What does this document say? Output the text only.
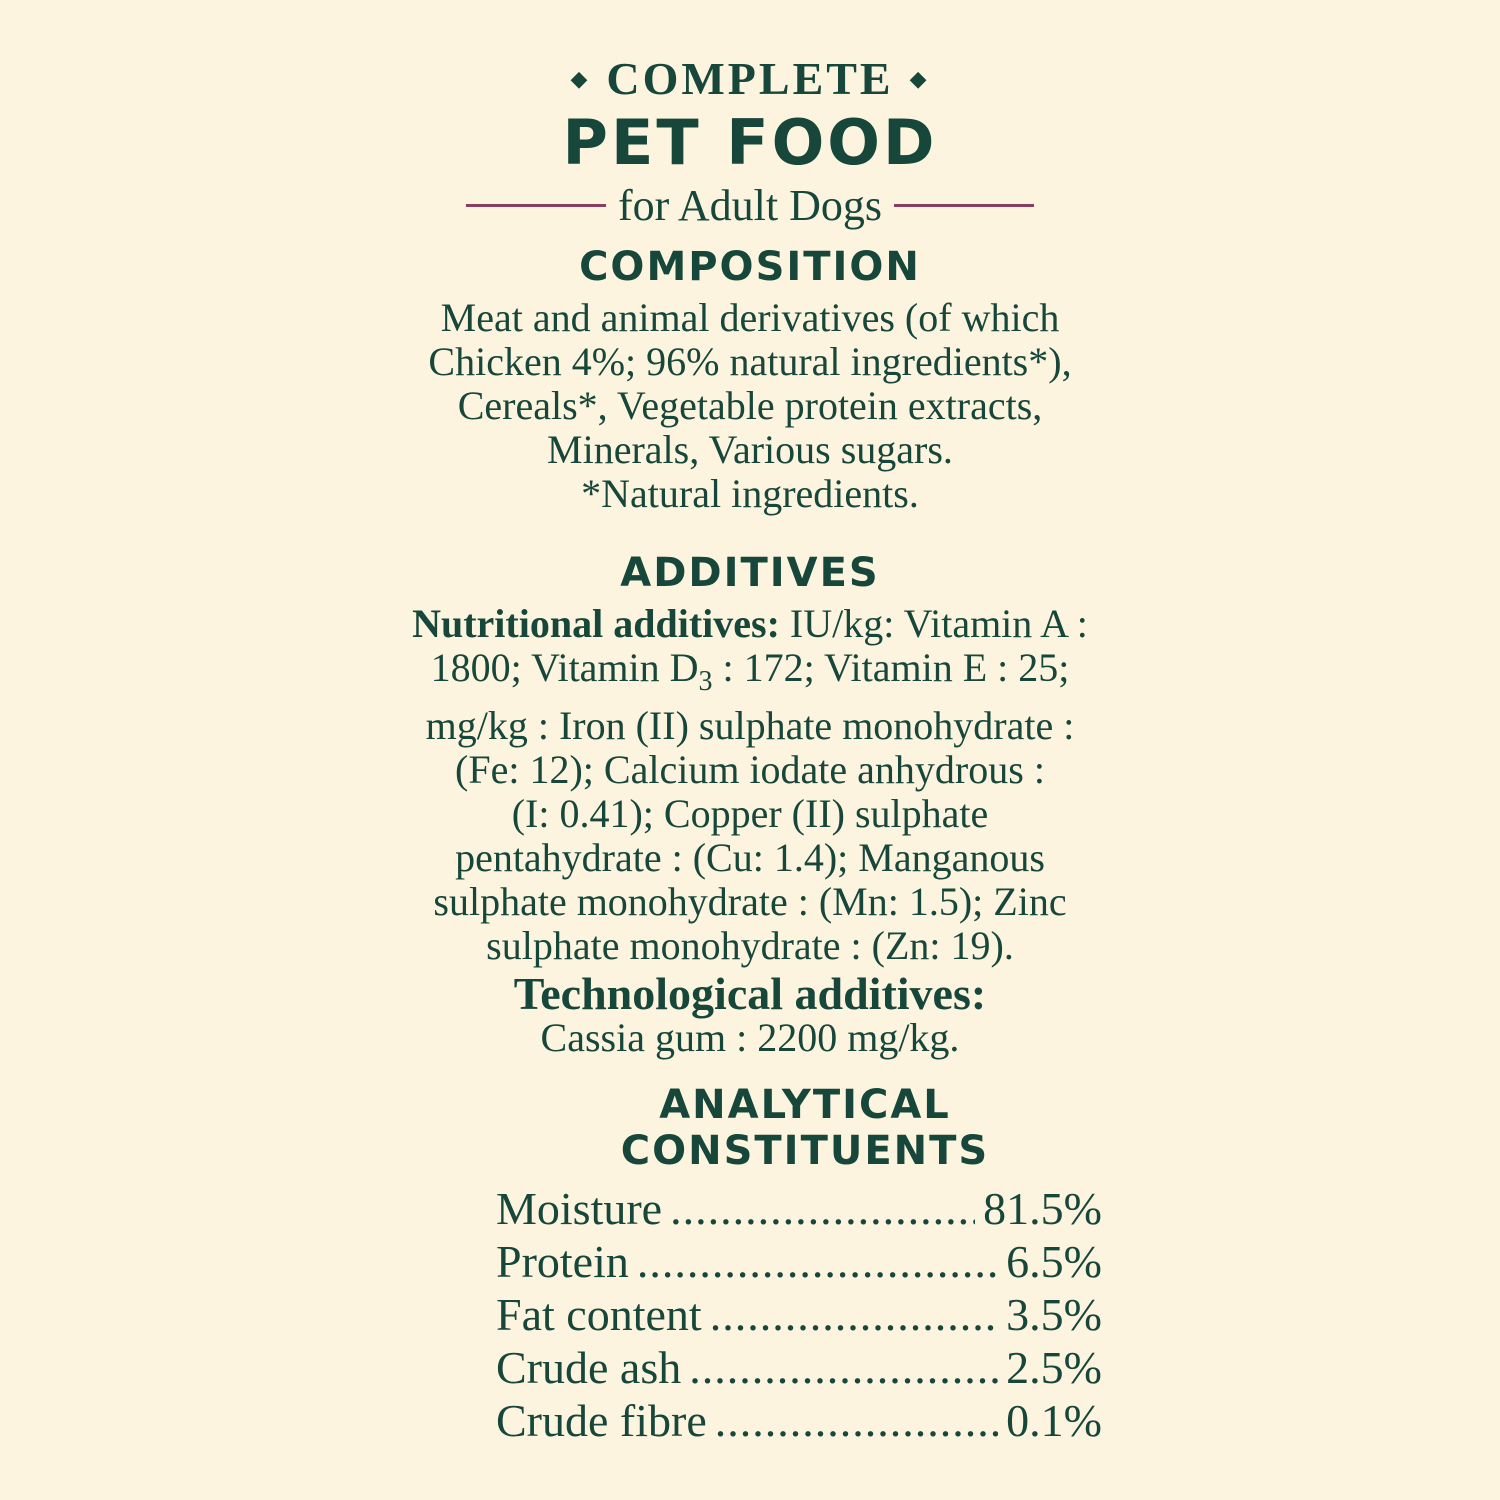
◆ COMPLETE ◆
PET FOOD
for Adult Dogs
COMPOSITION
Meat and animal derivatives (of which
Chicken 4%; 96% natural ingredients*),
Cereals*, Vegetable protein extracts,
Minerals, Various sugars.
*Natural ingredients.
ADDITIVES
Nutritional additives: IU/kg: Vitamin A :
1800; Vitamin $D_3$ : 172; Vitamin E : 25;
mg/kg : Iron (II) sulphate monohydrate :
(Fe: 12); Calcium iodate anhydrous :
(I: 0.41); Copper (II) sulphate
pentahydrate : (Cu: 1.4); Manganous
sulphate monohydrate : (Mn: 1.5); Zinc
sulphate monohydrate : (Zn: 19).
Technological additives:
Cassia gum : 2200 mg/kg.
ANALYTICAL
CONSTITUENTS
Moisture .....	81.5%
Protein .....	6.5%
Fat content .....	3.5%
Crude ash .....	2.5%
Crude fibre .....	0.1%
